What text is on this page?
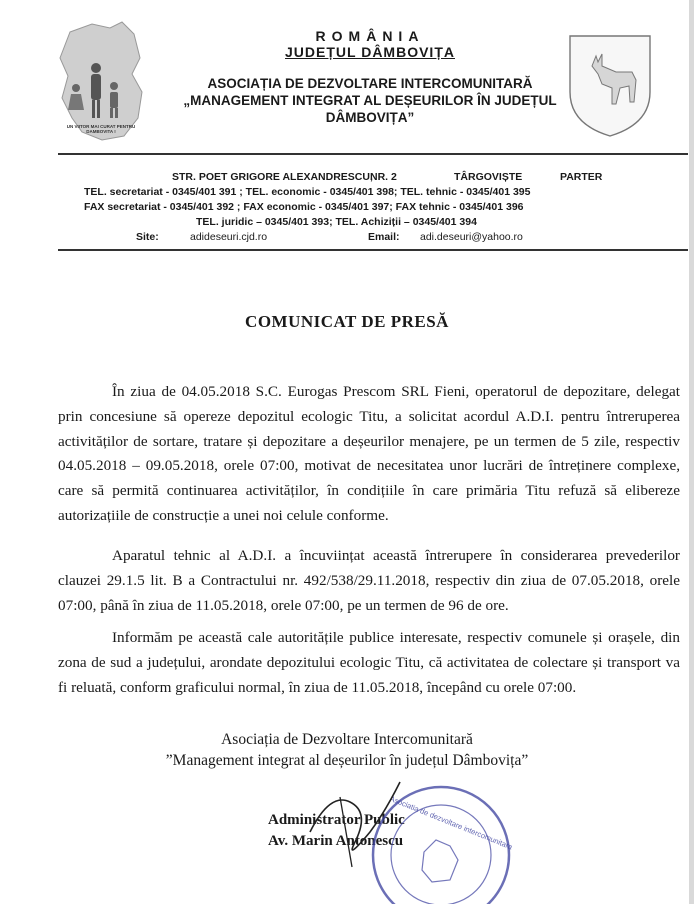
UN VIITOR MAI CURAT PENTRU DAMBOVITA !
ROMÂNIA
JUDEȚUL DÂMBOVIȚA
ASOCIAȚIA DE DEZVOLTARE INTERCOMUNITARĂ
„MANAGEMENT INTEGRAT AL DEȘEURILOR ÎN JUDEȚUL
DÂMBOVIȚA”
STR. POET GRIGORE ALEXANDRESCU,
NR. 2	TÂRGOVIȘTE	PARTER
TEL. secretariat - 0345/401 391 ; TEL. economic - 0345/401 398; TEL. tehnic - 0345/401 395
FAX secretariat - 0345/401 392 ; FAX economic - 0345/401 397; FAX tehnic - 0345/401 396
TEL. juridic – 0345/401 393; TEL. Achiziții – 0345/401 394
Site:	adideseuri.cjd.ro	Email: adi.deseuri@yahoo.ro
COMUNICAT DE PRESĂ
În ziua de 04.05.2018 S.C. Eurogas Prescom SRL Fieni, operatorul de depozitare, delegat prin concesiune să opereze depozitul ecologic Titu, a solicitat acordul A.D.I. pentru întreruperea activităților de sortare, tratare și depozitare a deșeurilor menajere, pe un termen de 5 zile, respectiv 04.05.2018 – 09.05.2018, orele 07:00, motivat de necesitatea unor lucrări de întreținere complexe, care să permită continuarea activităților, în condițiile în care primăria Titu refuză să elibereze autorizațiile de construcție a unei noi celule conforme.
Aparatul tehnic al A.D.I. a încuviințat această întrerupere în considerarea prevederilor clauzei 29.1.5 lit. B a Contractului nr. 492/538/29.11.2018, respectiv din ziua de 07.05.2018, orele 07:00, până în ziua de 11.05.2018, orele 07:00, pe un termen de 96 de ore.
Informăm pe această cale autoritățile publice interesate, respectiv comunele și orașele, din zona de sud a județului, arondate depozitului ecologic Titu, că activitatea de colectare și transport va fi reluată, conform graficului normal, în ziua de 11.05.2018, începând cu orele 07:00.
Asociația de Dezvoltare Intercomunitară
”Management integrat al deșeurilor în județul Dâmbovița”
Administrator Public
Av. Marin Antonescu
Asociatia de dezvoltare intercomunitara
